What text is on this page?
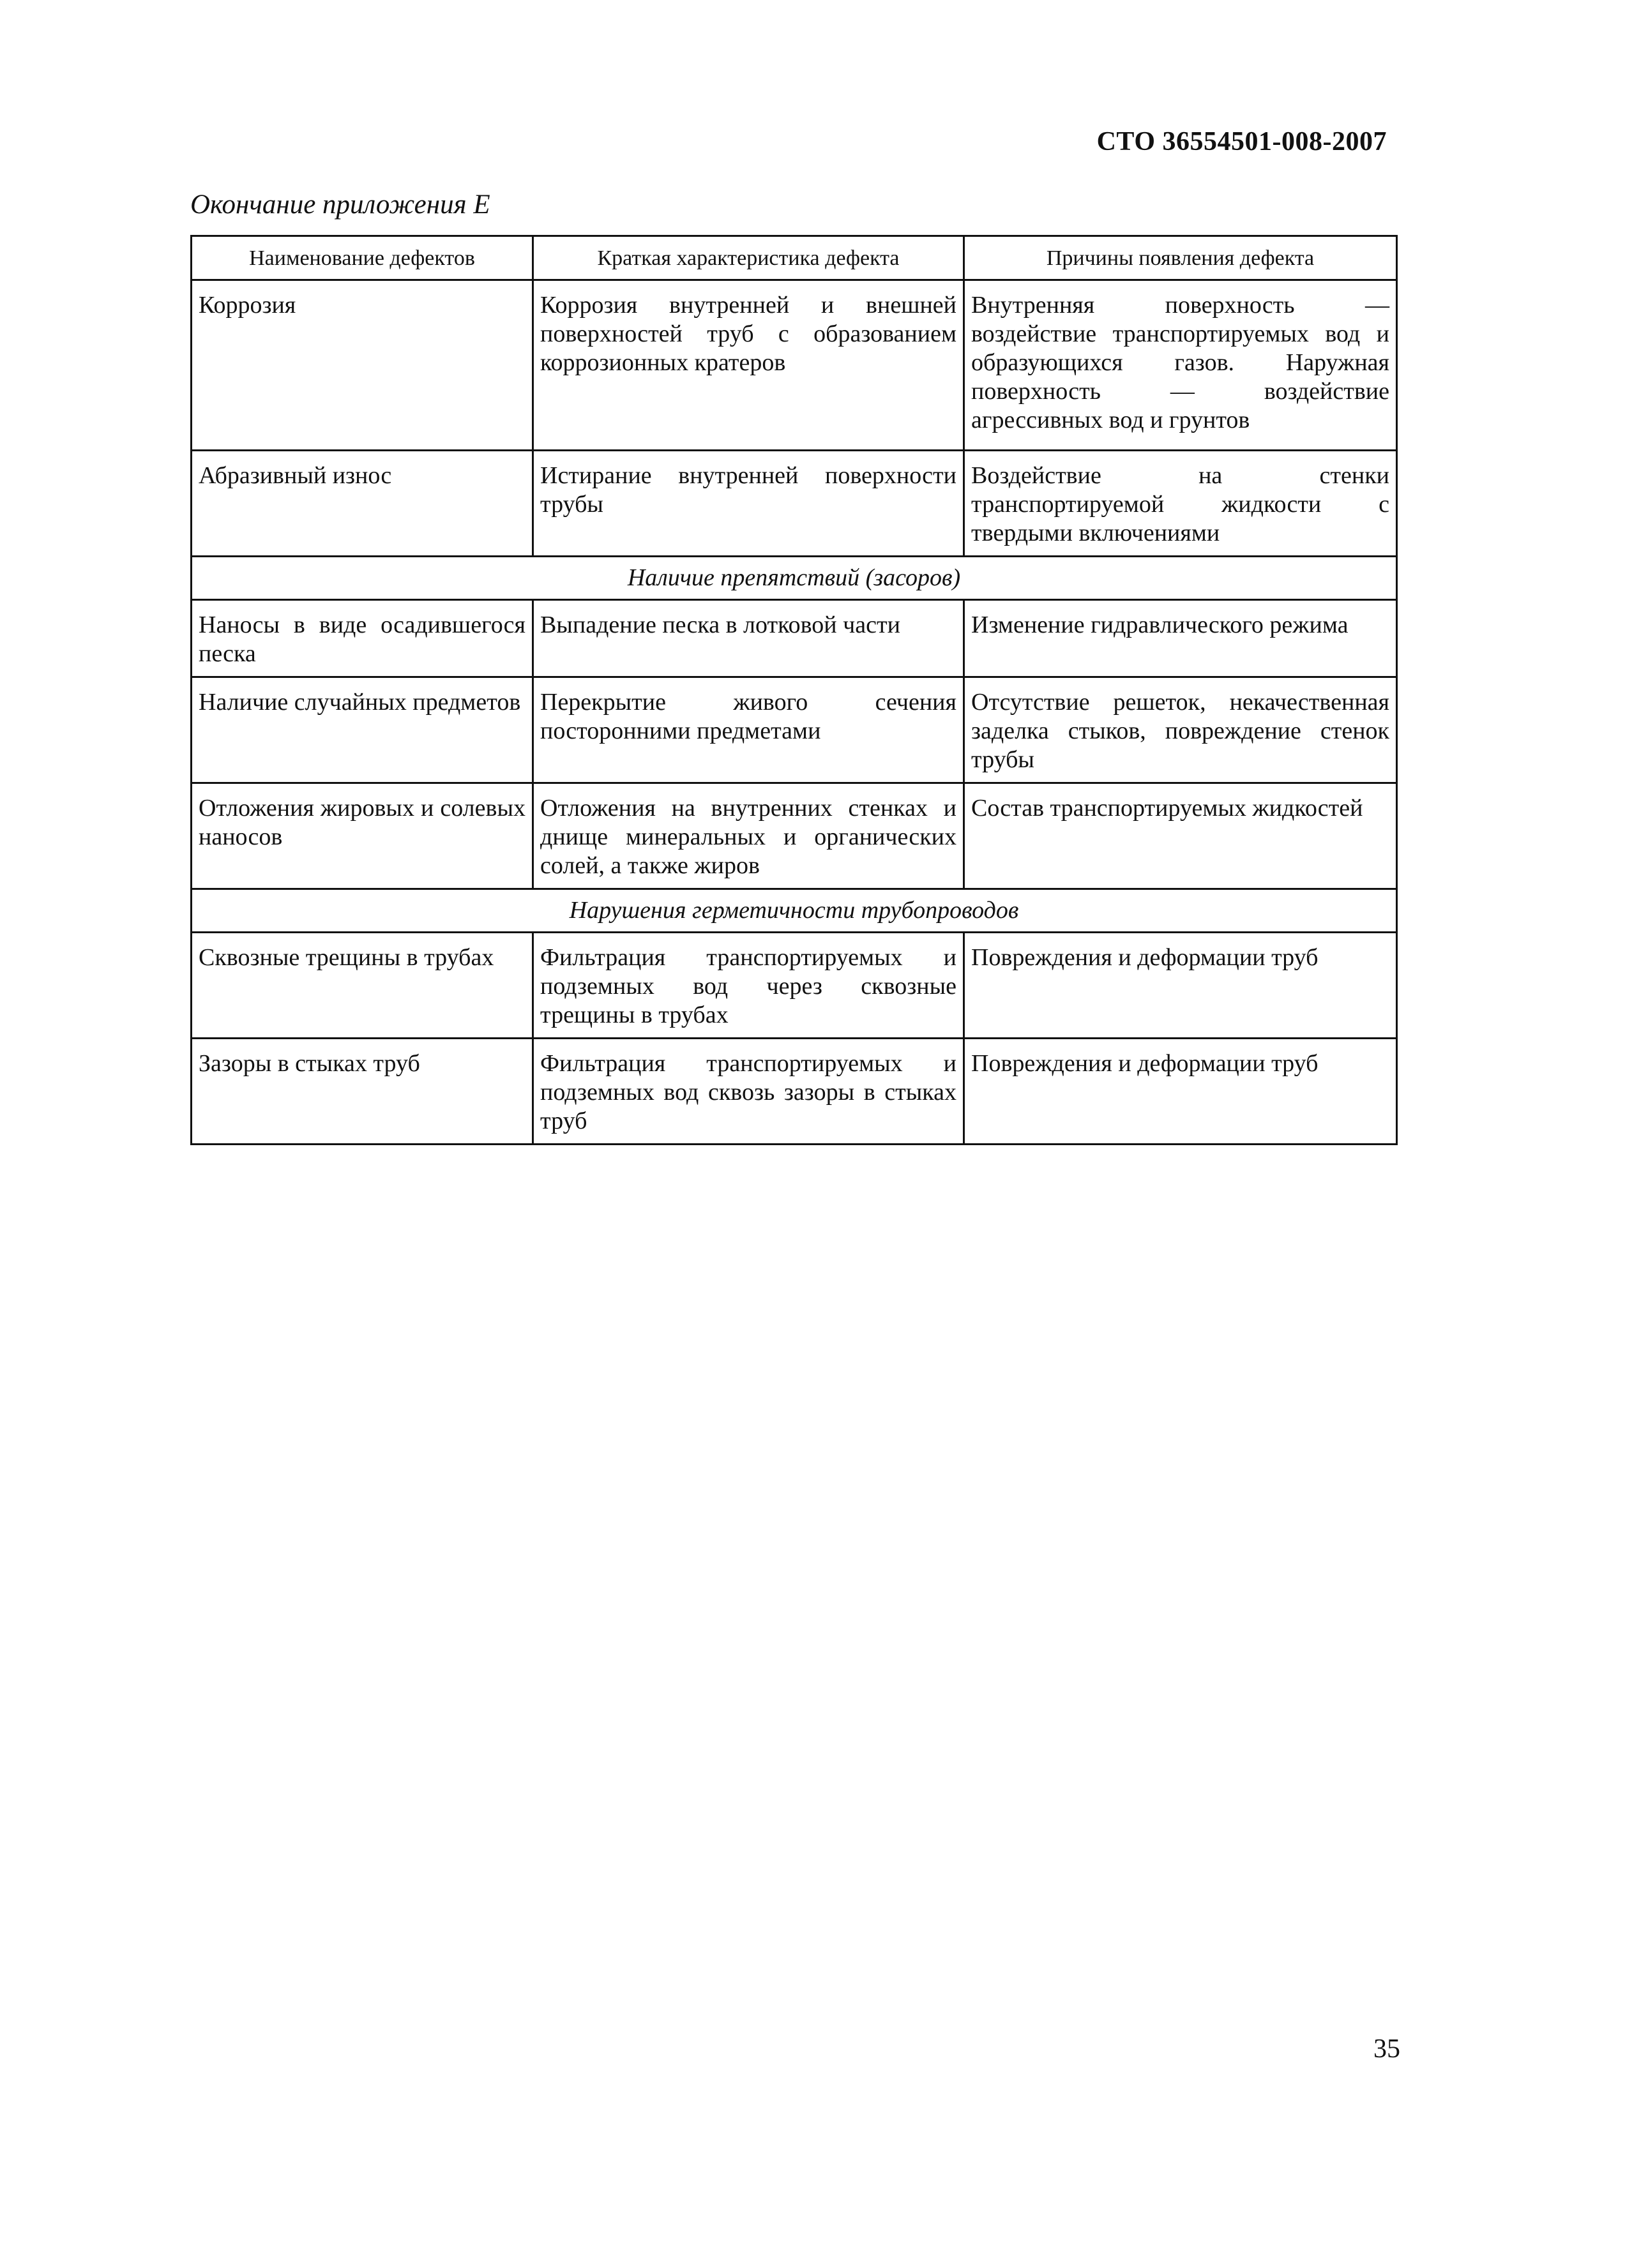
СТО 36554501-008-2007
Окончание приложения Е
Наименование дефектов	Краткая характеристика дефекта	Причины появления дефекта
Коррозия	Коррозия внутренней и внешней поверхностей труб с образованием коррозионных кратеров	Внутренняя поверхность — воздействие транспортируемых вод и образующихся газов. Наружная поверхность — воздействие агрессивных вод и грунтов
Абразивный износ	Истирание внутренней поверхности трубы	Воздействие на стенки транспортируемой жидкости с твердыми включениями
Наличие препятствий (засоров)		
Наносы в виде осадившегося песка	Выпадение песка в лотковой части	Изменение гидравлического режима
Наличие случайных предметов	Перекрытие живого сечения посторонними предметами	Отсутствие решеток, некачественная заделка стыков, повреждение стенок трубы
Отложения жировых и солевых наносов	Отложения на внутренних стенках и днище минеральных и органических солей, а также жиров	Состав транспортируемых жидкостей
Нарушения герметичности трубопроводов		
Сквозные трещины в трубах	Фильтрация транспортируемых и подземных вод через сквозные трещины в трубах	Повреждения и деформации труб
Зазоры в стыках труб	Фильтрация транспортируемых и подземных вод сквозь зазоры в стыках труб	Повреждения и деформации труб
35
